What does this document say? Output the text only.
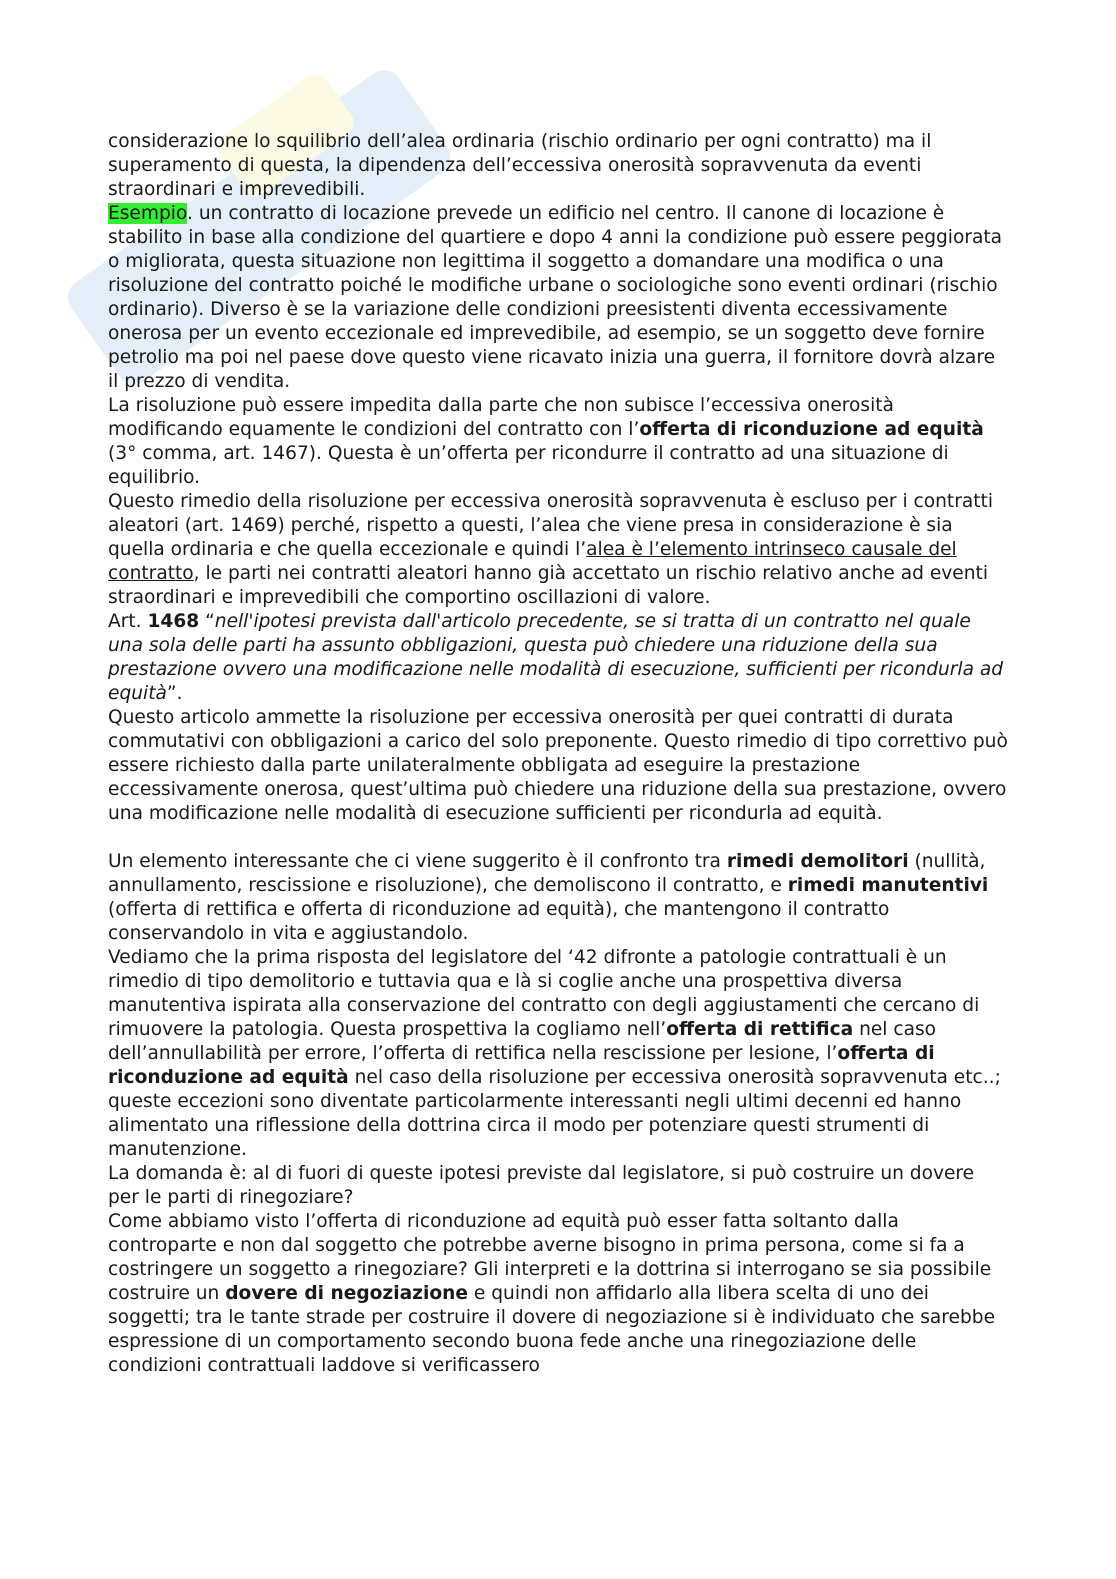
considerazione lo squilibrio dell’alea ordinaria (rischio ordinario per ogni contratto) ma il superamento di questa, la dipendenza dell’eccessiva onerosità sopravvenuta da eventi straordinari e imprevedibili.

Esempio. un contratto di locazione prevede un edificio nel centro. Il canone di locazione è stabilito in base alla condizione del quartiere e dopo 4 anni la condizione può essere peggiorata o migliorata, questa situazione non legittima il soggetto a domandare una modifica o una risoluzione del contratto poiché le modifiche urbane o sociologiche sono eventi ordinari (rischio ordinario). Diverso è se la variazione delle condizioni preesistenti diventa eccessivamente onerosa per un evento eccezionale ed imprevedibile, ad esempio, se un soggetto deve fornire petrolio ma poi nel paese dove questo viene ricavato inizia una guerra, il fornitore dovrà alzare il prezzo di vendita.

La risoluzione può essere impedita dalla parte che non subisce l’eccessiva onerosità modificando equamente le condizioni del contratto con l’offerta di riconduzione ad equità (3° comma, art. 1467). Questa è un’offerta per ricondurre il contratto ad una situazione di equilibrio.

Questo rimedio della risoluzione per eccessiva onerosità sopravvenuta è escluso per i contratti aleatori (art. 1469) perché, rispetto a questi, l’alea che viene presa in considerazione è sia quella ordinaria e che quella eccezionale e quindi l’alea è l’elemento intrinseco causale del contratto, le parti nei contratti aleatori hanno già accettato un rischio relativo anche ad eventi straordinari e imprevedibili che comportino oscillazioni di valore.

Art. 1468 “nell'ipotesi prevista dall'articolo precedente, se si tratta di un contratto nel quale una sola delle parti ha assunto obbligazioni, questa può chiedere una riduzione della sua prestazione ovvero una modificazione nelle modalità di esecuzione, sufficienti per ricondurla ad equità”.

Questo articolo ammette la risoluzione per eccessiva onerosità per quei contratti di durata commutativi con obbligazioni a carico del solo preponente. Questo rimedio di tipo correttivo può essere richiesto dalla parte unilateralmente obbligata ad eseguire la prestazione eccessivamente onerosa, quest’ultima può chiedere una riduzione della sua prestazione, ovvero una modificazione nelle modalità di esecuzione sufficienti per ricondurla ad equità.

Un elemento interessante che ci viene suggerito è il confronto tra rimedi demolitori (nullità, annullamento, rescissione e risoluzione), che demoliscono il contratto, e rimedi manutentivi (offerta di rettifica e offerta di riconduzione ad equità), che mantengono il contratto conservandolo in vita e aggiustandolo.

Vediamo che la prima risposta del legislatore del ‘42 difronte a patologie contrattuali è un rimedio di tipo demolitorio e tuttavia qua e là si coglie anche una prospettiva diversa manutentiva ispirata alla conservazione del contratto con degli aggiustamenti che cercano di rimuovere la patologia. Questa prospettiva la cogliamo nell’offerta di rettifica nel caso dell’annullabilità per errore, l’offerta di rettifica nella rescissione per lesione, l’offerta di riconduzione ad equità nel caso della risoluzione per eccessiva onerosità sopravvenuta etc..; queste eccezioni sono diventate particolarmente interessanti negli ultimi decenni ed hanno alimentato una riflessione della dottrina circa il modo per potenziare questi strumenti di manutenzione.

La domanda è: al di fuori di queste ipotesi previste dal legislatore, si può costruire un dovere per le parti di rinegoziare?

Come abbiamo visto l’offerta di riconduzione ad equità può esser fatta soltanto dalla controparte e non dal soggetto che potrebbe averne bisogno in prima persona, come si fa a costringere un soggetto a rinegoziare? Gli interpreti e la dottrina si interrogano se sia possibile costruire un dovere di negoziazione e quindi non affidarlo alla libera scelta di uno dei soggetti; tra le tante strade per costruire il dovere di negoziazione si è individuato che sarebbe espressione di un comportamento secondo buona fede anche una rinegoziazione delle condizioni contrattuali laddove si verificassero
